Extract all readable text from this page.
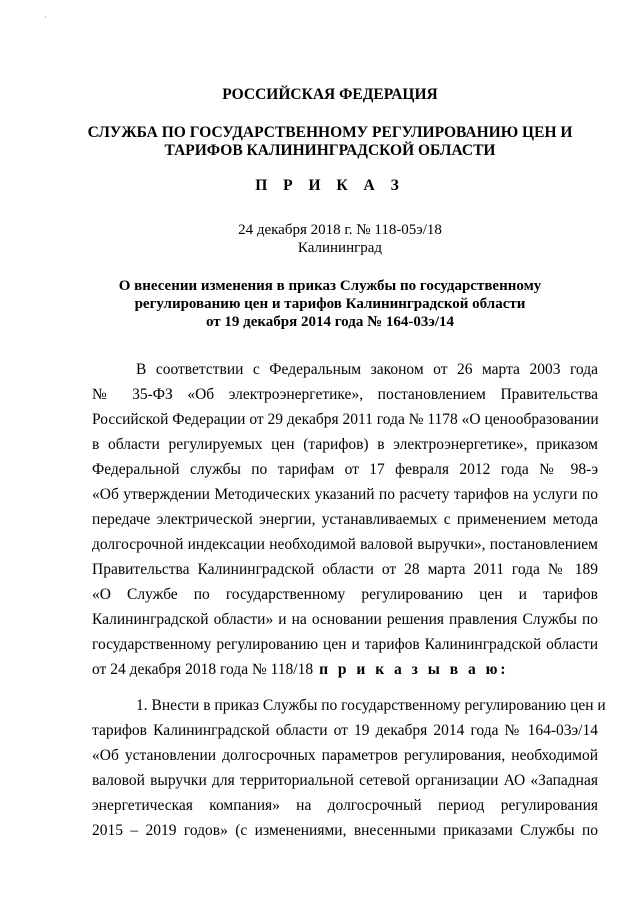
·
РОССИЙСКАЯ ФЕДЕРАЦИЯ
СЛУЖБА ПО ГОСУДАРСТВЕННОМУ РЕГУЛИРОВАНИЮ ЦЕН И
ТАРИФОВ КАЛИНИНГРАДСКОЙ ОБЛАСТИ
П Р И К А З
24 декабря 2018 г. № 118-05э/18
Калининград
О внесении изменения в приказ Службы по государственному
регулированию цен и тарифов Калининградской области
от 19 декабря 2014 года № 164-03э/14
В соответствии с Федеральным законом от 26 марта 2003 года
№ 35-ФЗ «Об электроэнергетике», постановлением Правительства
Российской Федерации от 29 декабря 2011 года № 1178 «О ценообразовании
в области регулируемых цен (тарифов) в электроэнергетике», приказом
Федеральной службы по тарифам от 17 февраля 2012 года № 98-э
«Об утверждении Методических указаний по расчету тарифов на услуги по
передаче электрической энергии, устанавливаемых с применением метода
долгосрочной индексации необходимой валовой выручки», постановлением
Правительства Калининградской области от 28 марта 2011 года № 189
«О Службе по государственному регулированию цен и тарифов
Калининградской области» и на основании решения правления Службы по
государственному регулированию цен и тарифов Калининградской области
от 24 декабря 2018 года № 118/18 п р и к а з ы в а ю:
1. Внести в приказ Службы по государственному регулированию цен и
тарифов Калининградской области от 19 декабря 2014 года № 164-03э/14
«Об установлении долгосрочных параметров регулирования, необходимой
валовой выручки для территориальной сетевой организации АО «Западная
энергетическая компания» на долгосрочный период регулирования
2015 – 2019 годов» (с изменениями, внесенными приказами Службы по
